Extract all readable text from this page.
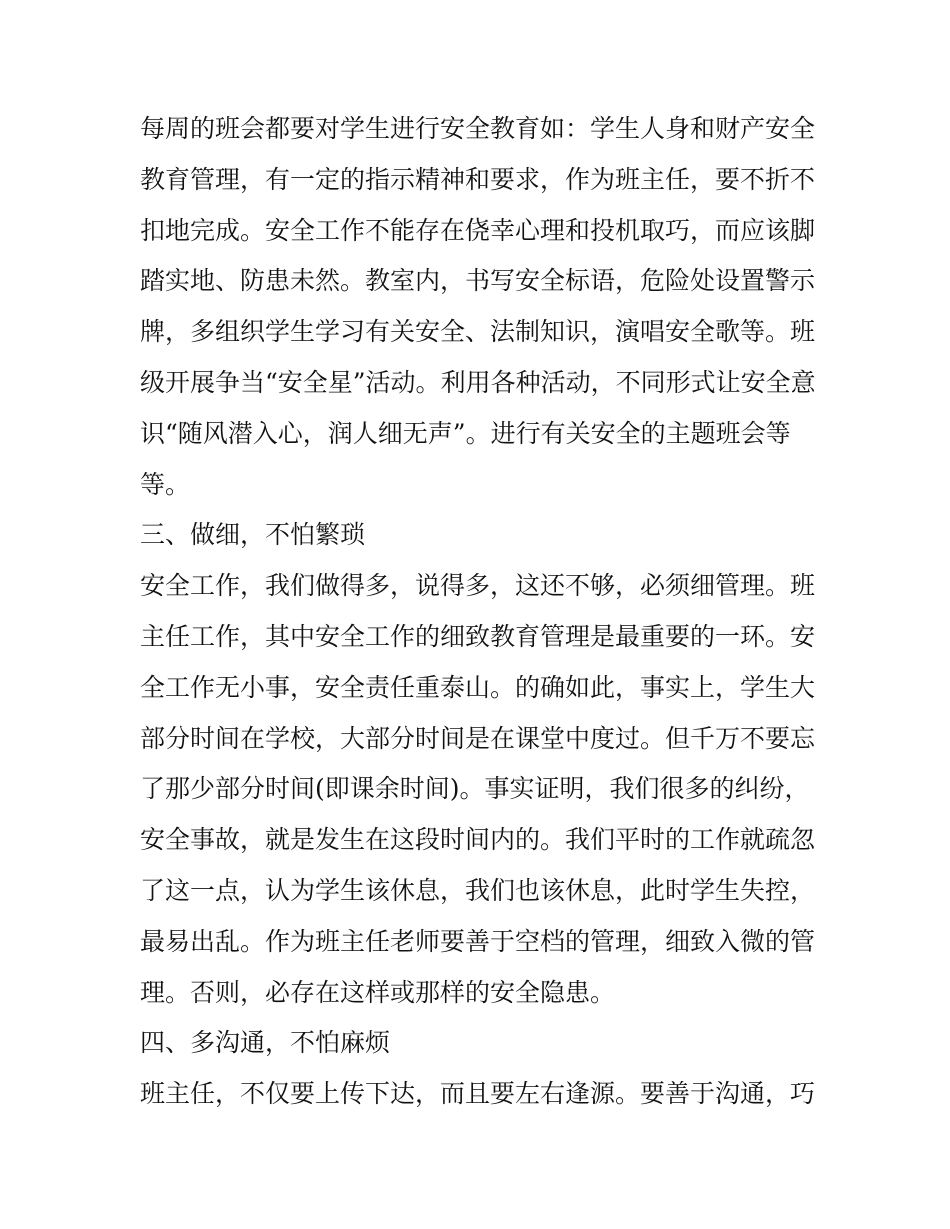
每周的班会都要对学生进行安全教育如：学生人身和财产安全
教育管理，有一定的指示精神和要求，作为班主任，要不折不
扣地完成。安全工作不能存在侥幸心理和投机取巧，而应该脚
踏实地、防患未然。教室内，书写安全标语，危险处设置警示
牌，多组织学生学习有关安全、法制知识，演唱安全歌等。班
级开展争当“安全星”活动。利用各种活动，不同形式让安全意
识“随风潜入心，润人细无声”。进行有关安全的主题班会等
等。
三、做细，不怕繁琐
安全工作，我们做得多，说得多，这还不够，必须细管理。班
主任工作，其中安全工作的细致教育管理是最重要的一环。安
全工作无小事，安全责任重泰山。的确如此，事实上，学生大
部分时间在学校，大部分时间是在课堂中度过。但千万不要忘
了那少部分时间(即课余时间)。事实证明，我们很多的纠纷，
安全事故，就是发生在这段时间内的。我们平时的工作就疏忽
了这一点，认为学生该休息，我们也该休息，此时学生失控，
最易出乱。作为班主任老师要善于空档的管理，细致入微的管
理。否则，必存在这样或那样的安全隐患。
四、多沟通，不怕麻烦
班主任，不仅要上传下达，而且要左右逢源。要善于沟通，巧
